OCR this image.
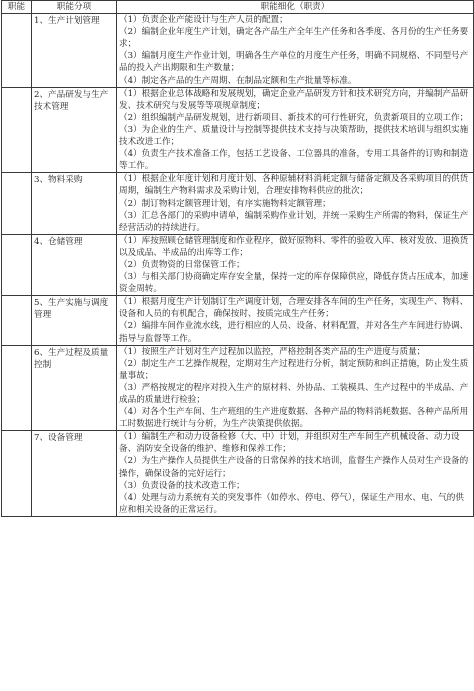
职能	职能分项	职能细化（职责）
	1、生产计划管理	（1）负责企业产能设计与生产人员的配置；

（2）编制企业年度生产计划，确定各产品生产全年生产任务和各季度、各月份的生产任务要求；

（3）编制月度生产作业计划，明确各生产单位的月度生产任务，明确不同规格、不同型号产品的投入产出期限和生产数量；

（4）制定各产品的生产周期、在制品定额和生产批量等标准。

	2、产品研发与生产技术管理	（1）根据企业总体战略和发展规划，确定企业产品研发方针和技术研究方向，并编制产品研发、技术研究与发展等等项规章制度；

（2）组织编制产品研发规划，进行新项目、新技术的可行性研究，负责新项目的立项工作；

（3）为企业的生产、质量设计与控制等提供技术支持与决策帮助，提供技术培训与组织实施技术改进工作；

（4）负责生产技术准备工作，包括工艺设备、工位器具的准备，专用工具备件的订购和制造等工作。

	3、物料采购	（1）根据企业年度计划和月度计划、各种原辅材料消耗定额与储备定额及各采购项目的供货周期，编制生产物料需求及采购计划，合理安排物料供应的批次；

（2）制订物料定额管理计划，有序实施物料定额管理；

（3）汇总各部门的采购申请单，编制采购作业计划，并统一采购生产所需的物料，保证生产经营活动的持续进行。

	4、仓储管理	（1）库按照顾仓储管理制度和作业程序，做好原物料、零件的验收入库、核对发放、退换货以及成品、半成品的出库等工作；

（2）负责物资的日常保管工作；

（3）与相关部门协商确定库存安全量，保持一定的库存保障供应，降低存货占压成本，加速资金周转。

	5、生产实施与调度管理	（1）根据月度生产计划制订生产调度计划，合理安排各车间的生产任务，实现生产、物料、设备和人员的有机配合，确保按时、按质完成生产任务；

（2）编排车间作业流水线，进行相应的人员、设备、材料配置，并对各生产车间进行协调、指导与监督等工作。

	6、生产过程及质量控制	（1）按照生产计划对生产过程加以监控，严格控制各类产品的生产进度与质量；

（2）制定生产工艺操作规程，定期对生产过程进行分析，制定预防和纠正措施，防止发生质量事故；

（3）严格按规定的程序对投入生产的原材料、外协品、工装模具、生产过程中的半成品、产成品的质量进行检验；

（4）对各个生产车间、生产班组的生产进度数据、各种产品的物料消耗数据、各种产品所用工时数据进行统计与分析，为生产决策提供依据。

	7、设备管理	（1）编制生产和动力设备检修（大、中）计划，并组织对生产车间生产机械设备、动力设备、消防安全设备的维护、维修和保养工作；

（2）为生产操作人员提供生产设备的日常保养的技术培训，监督生产操作人员对生产设备的操作，确保设备的完好运行；

（3）负责设备的技术改造工作；

（4）处理与动力系统有关的突发事件（如停水、停电、停气），保证生产用水、电、气的供应和相关设备的正常运行。
